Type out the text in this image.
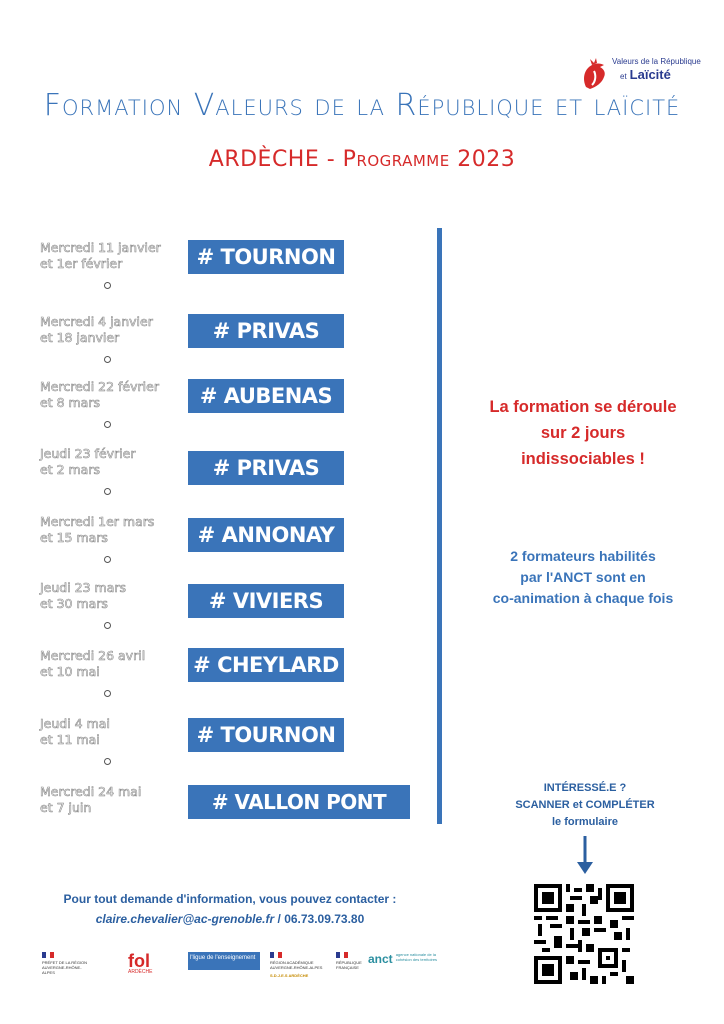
Valeurs de la République
et Laïcité
Formation Valeurs de la République et laïcité
ARDÈCHE - Programme 2023
Mercredi 11 janvier
et 1er février	# TOURNON
Mercredi 4 janvier
et 18 janvier	# PRIVAS
Mercredi 22 février
et 8 mars	# AUBENAS
Jeudi 23 février
et 2 mars	# PRIVAS
Mercredi 1er mars
et 15 mars	# ANNONAY
Jeudi 23 mars
et 30 mars	# VIVIERS
Mercredi 26 avril
et 10 mai	# CHEYLARD
Jeudi 4 mai
et 11 mai	# TOURNON
Mercredi 24 mai
et 7 juin	# VALLON PONT D'ARC
La formation se déroule
sur 2 jours
indissociables !
2 formateurs habilités
par l'ANCT sont en
co-animation à chaque fois
INTÉRESSÉ.E ?
SCANNER et COMPLÉTER
le formulaire
Pour tout demande d'information, vous pouvez contacter :
claire.chevalier@ac-grenoble.fr / 06.73.09.73.80
PRÉFET DE LA RÉGION AUVERGNE-RHÔNE-ALPES
fol
ARDÈCHE
l'ligue de l'enseignement
RÉGION ACADÉMIQUE AUVERGNE-RHÔNE-ALPES
S.D.J.E.S ARDÈCHE
RÉPUBLIQUE FRANÇAISE
anct agence nationale de la cohésion des territoires
